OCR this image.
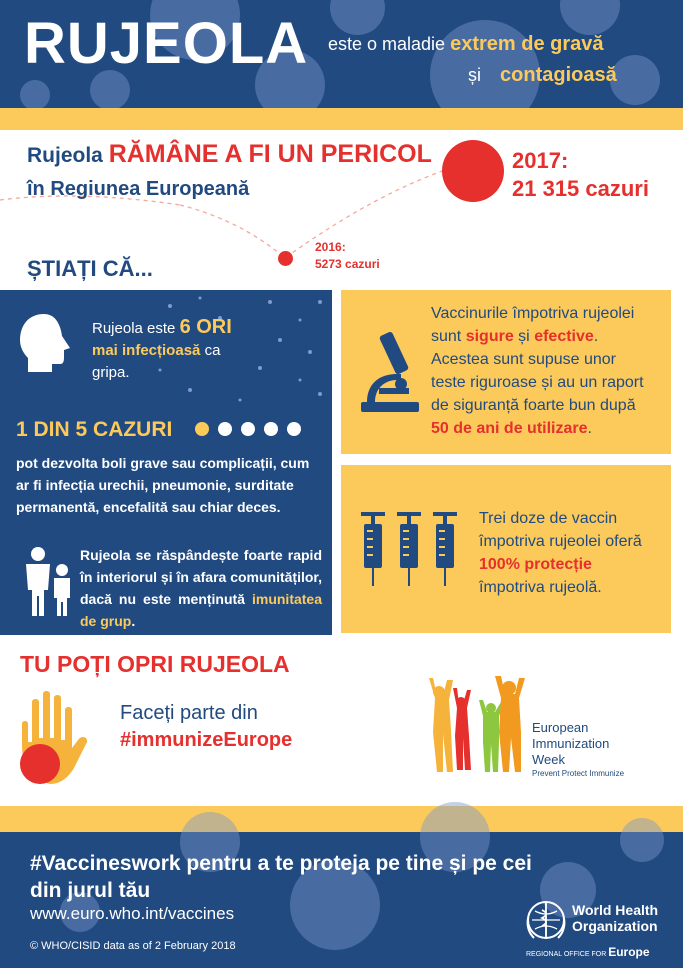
RUJEOLA este o maladie extrem de gravă
și contagioasă
Rujeola RĂMÂNE A FI UN PERICOL
în Regiunea Europeană
2017:
21 315 cazuri
2016:
5273 cazuri
ȘTIAȚI CĂ...
Rujeola este 6 ORI
mai infecțioasă ca
gripa.
1 DIN 5 CAZURI
pot dezvolta boli grave sau complicații, cum ar fi infecția urechii, pneumonie, surditate permanentă, encefalită sau chiar deces.
Rujeola se răspândește foarte rapid în interiorul și în afara comunităților, dacă nu este menținută imunitatea de grup.
Vaccinurile împotriva rujeolei
sunt sigure și efective.
Acestea sunt supuse unor
teste riguroase și au un raport
de siguranță foarte bun după
50 de ani de utilizare.
Trei doze de vaccin
împotriva rujeolei oferă
100% protecție
împotriva rujeolă.
TU POȚI OPRI RUJEOLA
Faceți parte din
#immunizeEurope
European
Immunization
Week
Prevent Protect Immunize
#Vaccineswork pentru a te proteja pe tine și pe cei
din jurul tău
www.euro.who.int/vaccines
© WHO/CISID data as of 2 February 2018
World Health
Organization
REGIONAL OFFICE FOR Europe
